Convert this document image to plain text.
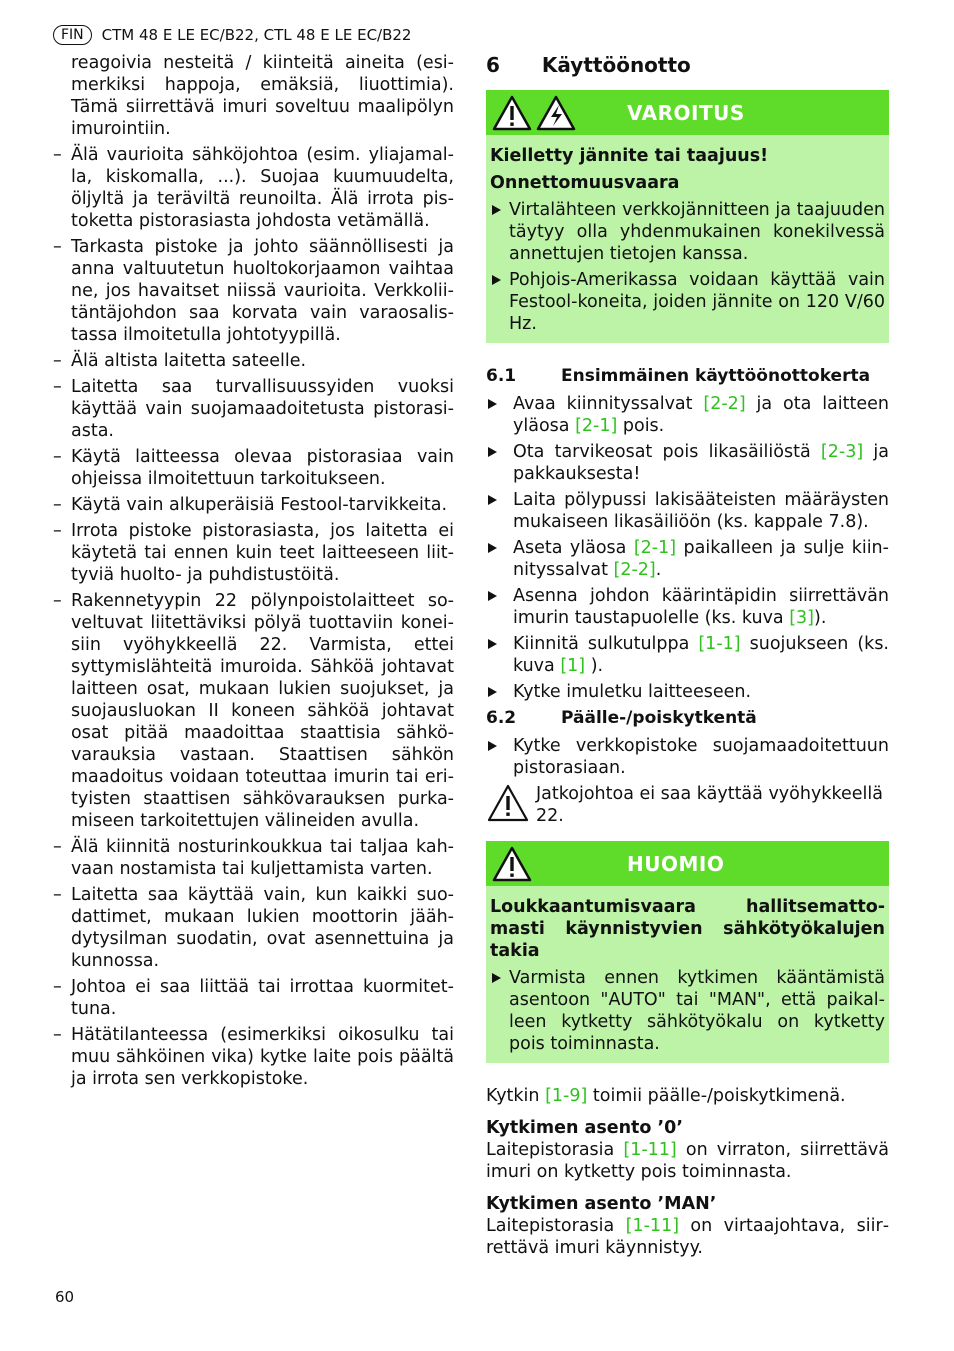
FIN	CTM 48 E LE EC/B22, CTL 48 E LE EC/B22

reagoivia nesteitä / kiinteitä aineita (esimerkiksi happoja, emäksiä, liuottimia). Tämä siirrettävä imuri soveltuu maalipölyn imurointiin.

– Älä vaurioita sähköjohtoa (esim. yliajamalla, kiskomalla, ...). Suojaa kuumuudelta, öljyltä ja teräviltä reunoilta. Älä irrota pistoketta pistorasiasta johdosta vetämällä.

– Tarkasta pistoke ja johto säännöllisesti ja anna valtuutetun huoltokorjaamon vaihtaa ne, jos havaitset niissä vaurioita. Verkkoliitäntäjohdon saa korvata vain varaosalistassa ilmoitetulla johtotyypillä.

– Älä altista laitetta sateelle.

– Laitetta saa turvallisuussyiden vuoksi käyttää vain suojamaadoitetusta pistorasiasta.

– Käytä laitteessa olevaa pistorasiaa vain ohjeissa ilmoitettuun tarkoitukseen.

– Käytä vain alkuperäisiä Festool-tarvikkeita.

– Irrota pistoke pistorasiasta, jos laitetta ei käytetä tai ennen kuin teet laitteeseen liittyviä huolto- ja puhdistustöitä.

– Rakennetyypin 22 pölynpoistolaitteet soveltuvat liitettäviksi pölyä tuottaviin koneisiin vyöhykkeellä 22. Varmista, ettei syttymislähteitä imuroida. Sähköä johtavat laitteen osat, mukaan lukien suojukset, ja suojausluokan II koneen sähköä johtavat osat pitää maadoittaa staattisia sähkövarauksia vastaan. Staattisen sähkön maadoitus voidaan toteuttaa imurin tai erityisten staattisen sähkövarauksen purkamiseen tarkoitettujen välineiden avulla.

– Älä kiinnitä nosturinkoukkua tai taljaa kahvaan nostamista tai kuljettamista varten.

– Laitetta saa käyttää vain, kun kaikki suodattimet, mukaan lukien moottorin jäähdytysilman suodatin, ovat asennettuina ja kunnossa.

– Johtoa ei saa liittää tai irrottaa kuormitettuna.

– Hätätilanteessa (esimerkiksi oikosulku tai muu sähköinen vika) kytke laite pois päältä ja irrota sen verkkopistoke.

6 Käyttöönotto
VAROITUS
Kielletty jännite tai taajuus!
Onnettomuusvaara
Virtalähteen verkkojännitteen ja taajuuden täytyy olla yhdenmukainen konekilvessä annettujen tietojen kanssa.
Pohjois-Amerikassa voidaan käyttää vain Festool-koneita, joiden jännite on 120 V/60 Hz.
6.1	Ensimmäinen käyttöönottokerta

Avaa kiinnityssalvat [2-2] ja ota laitteen yläosa [2-1] pois.

Ota tarvikeosat pois likasäiliöstä [2-3] ja pakkauksesta!

Laita pölypussi lakisääteisten määräysten mukaiseen likasäiliöön (ks. kappale 7.8).

Aseta yläosa [2-1] paikalleen ja sulje kiinnityssalvat [2-2].

Asenna johdon käärintäpidin siirrettävän imurin taustapuolelle (ks. kuva [3]).

Kiinnitä sulkutulppa [1-1] suojukseen (ks. kuva [1] ).

Kytke imuletku laitteeseen.

6.2	Päälle-/poiskytkentä

Kytke verkkopistoke suojamaadoitettuun pistorasiaan.

Jatkojohtoa ei saa käyttää vyöhykkeellä 22.
HUOMIO
Loukkaantumisvaara hallitsemattomasti käynnistyvien sähkötyökalujen takia
Varmista ennen kytkimen kääntämistä asentoon "AUTO" tai "MAN", että paikalleen kytketty sähkötyökalu on kytketty pois toiminnasta.

Kytkin [1-9] toimii päälle-/poiskytkimenä.

Kytkimen asento ’0’

Laitepistorasia [1-11] on virraton, siirrettävä imuri on kytketty pois toiminnasta.

Kytkimen asento ’MAN’

Laitepistorasia [1-11] on virtaajohtava, siirrettävä imuri käynnistyy.

60
